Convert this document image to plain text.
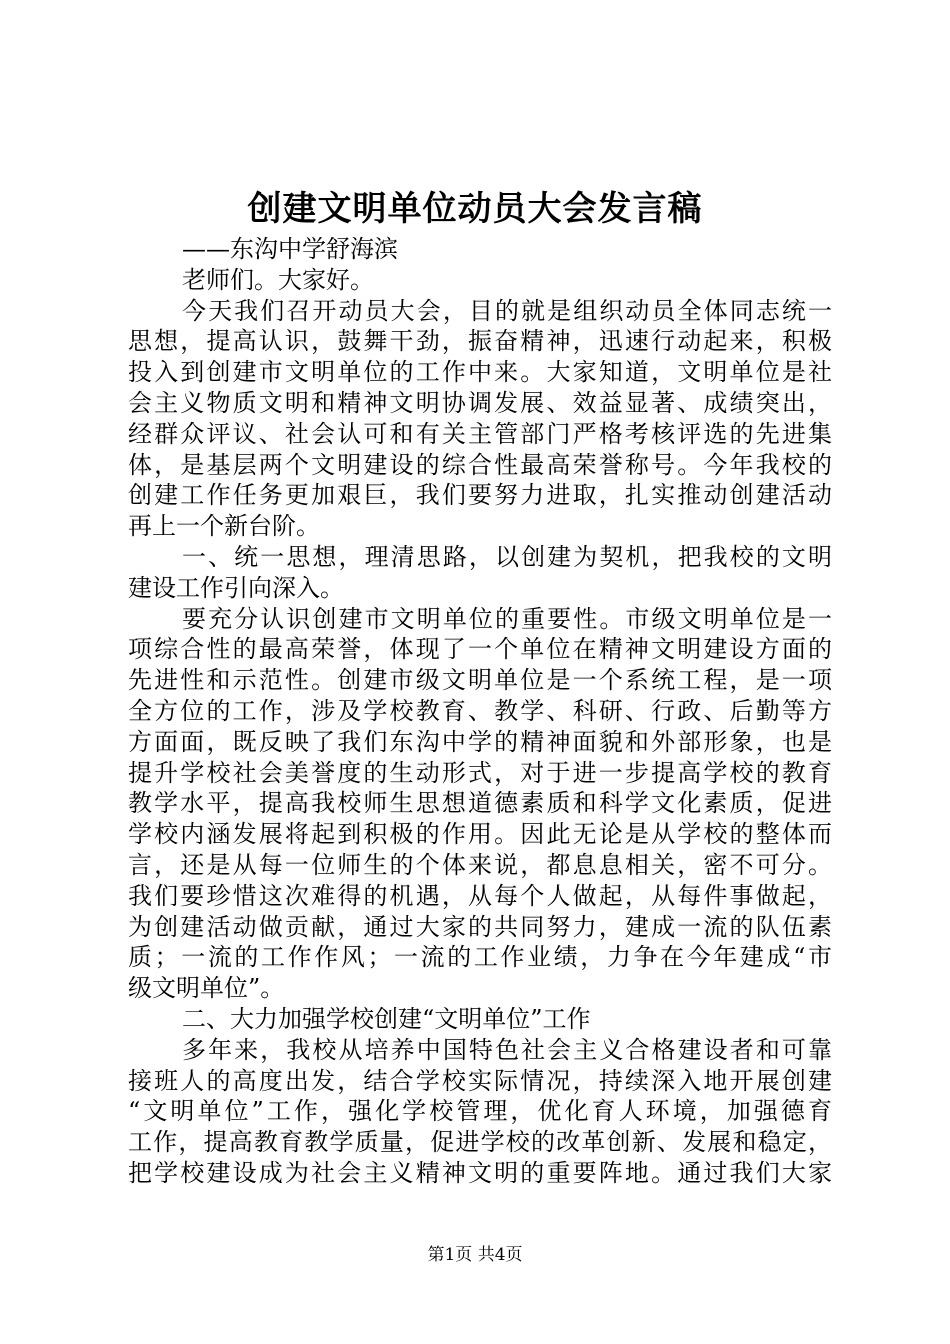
创建文明单位动员大会发言稿
——东沟中学舒海滨
老师们。大家好。
今天我们召开动员大会，目的就是组织动员全体同志统一
思想，提高认识，鼓舞干劲，振奋精神，迅速行动起来，积极
投入到创建市文明单位的工作中来。大家知道，文明单位是社
会主义物质文明和精神文明协调发展、效益显著、成绩突出，
经群众评议、社会认可和有关主管部门严格考核评选的先进集
体，是基层两个文明建设的综合性最高荣誉称号。今年我校的
创建工作任务更加艰巨，我们要努力进取，扎实推动创建活动
再上一个新台阶。
一、统一思想，理清思路，以创建为契机，把我校的文明
建设工作引向深入。
要充分认识创建市文明单位的重要性。市级文明单位是一
项综合性的最高荣誉，体现了一个单位在精神文明建设方面的
先进性和示范性。创建市级文明单位是一个系统工程，是一项
全方位的工作，涉及学校教育、教学、科研、行政、后勤等方
方面面，既反映了我们东沟中学的精神面貌和外部形象，也是
提升学校社会美誉度的生动形式，对于进一步提高学校的教育
教学水平，提高我校师生思想道德素质和科学文化素质，促进
学校内涵发展将起到积极的作用。因此无论是从学校的整体而
言，还是从每一位师生的个体来说，都息息相关，密不可分。
我们要珍惜这次难得的机遇，从每个人做起，从每件事做起，
为创建活动做贡献，通过大家的共同努力，建成一流的队伍素
质；一流的工作作风；一流的工作业绩，力争在今年建成“市
级文明单位”。
二、大力加强学校创建“文明单位”工作
多年来，我校从培养中国特色社会主义合格建设者和可靠
接班人的高度出发，结合学校实际情况，持续深入地开展创建
“文明单位”工作，强化学校管理，优化育人环境，加强德育
工作，提高教育教学质量，促进学校的改革创新、发展和稳定，
把学校建设成为社会主义精神文明的重要阵地。通过我们大家
第1页 共4页
